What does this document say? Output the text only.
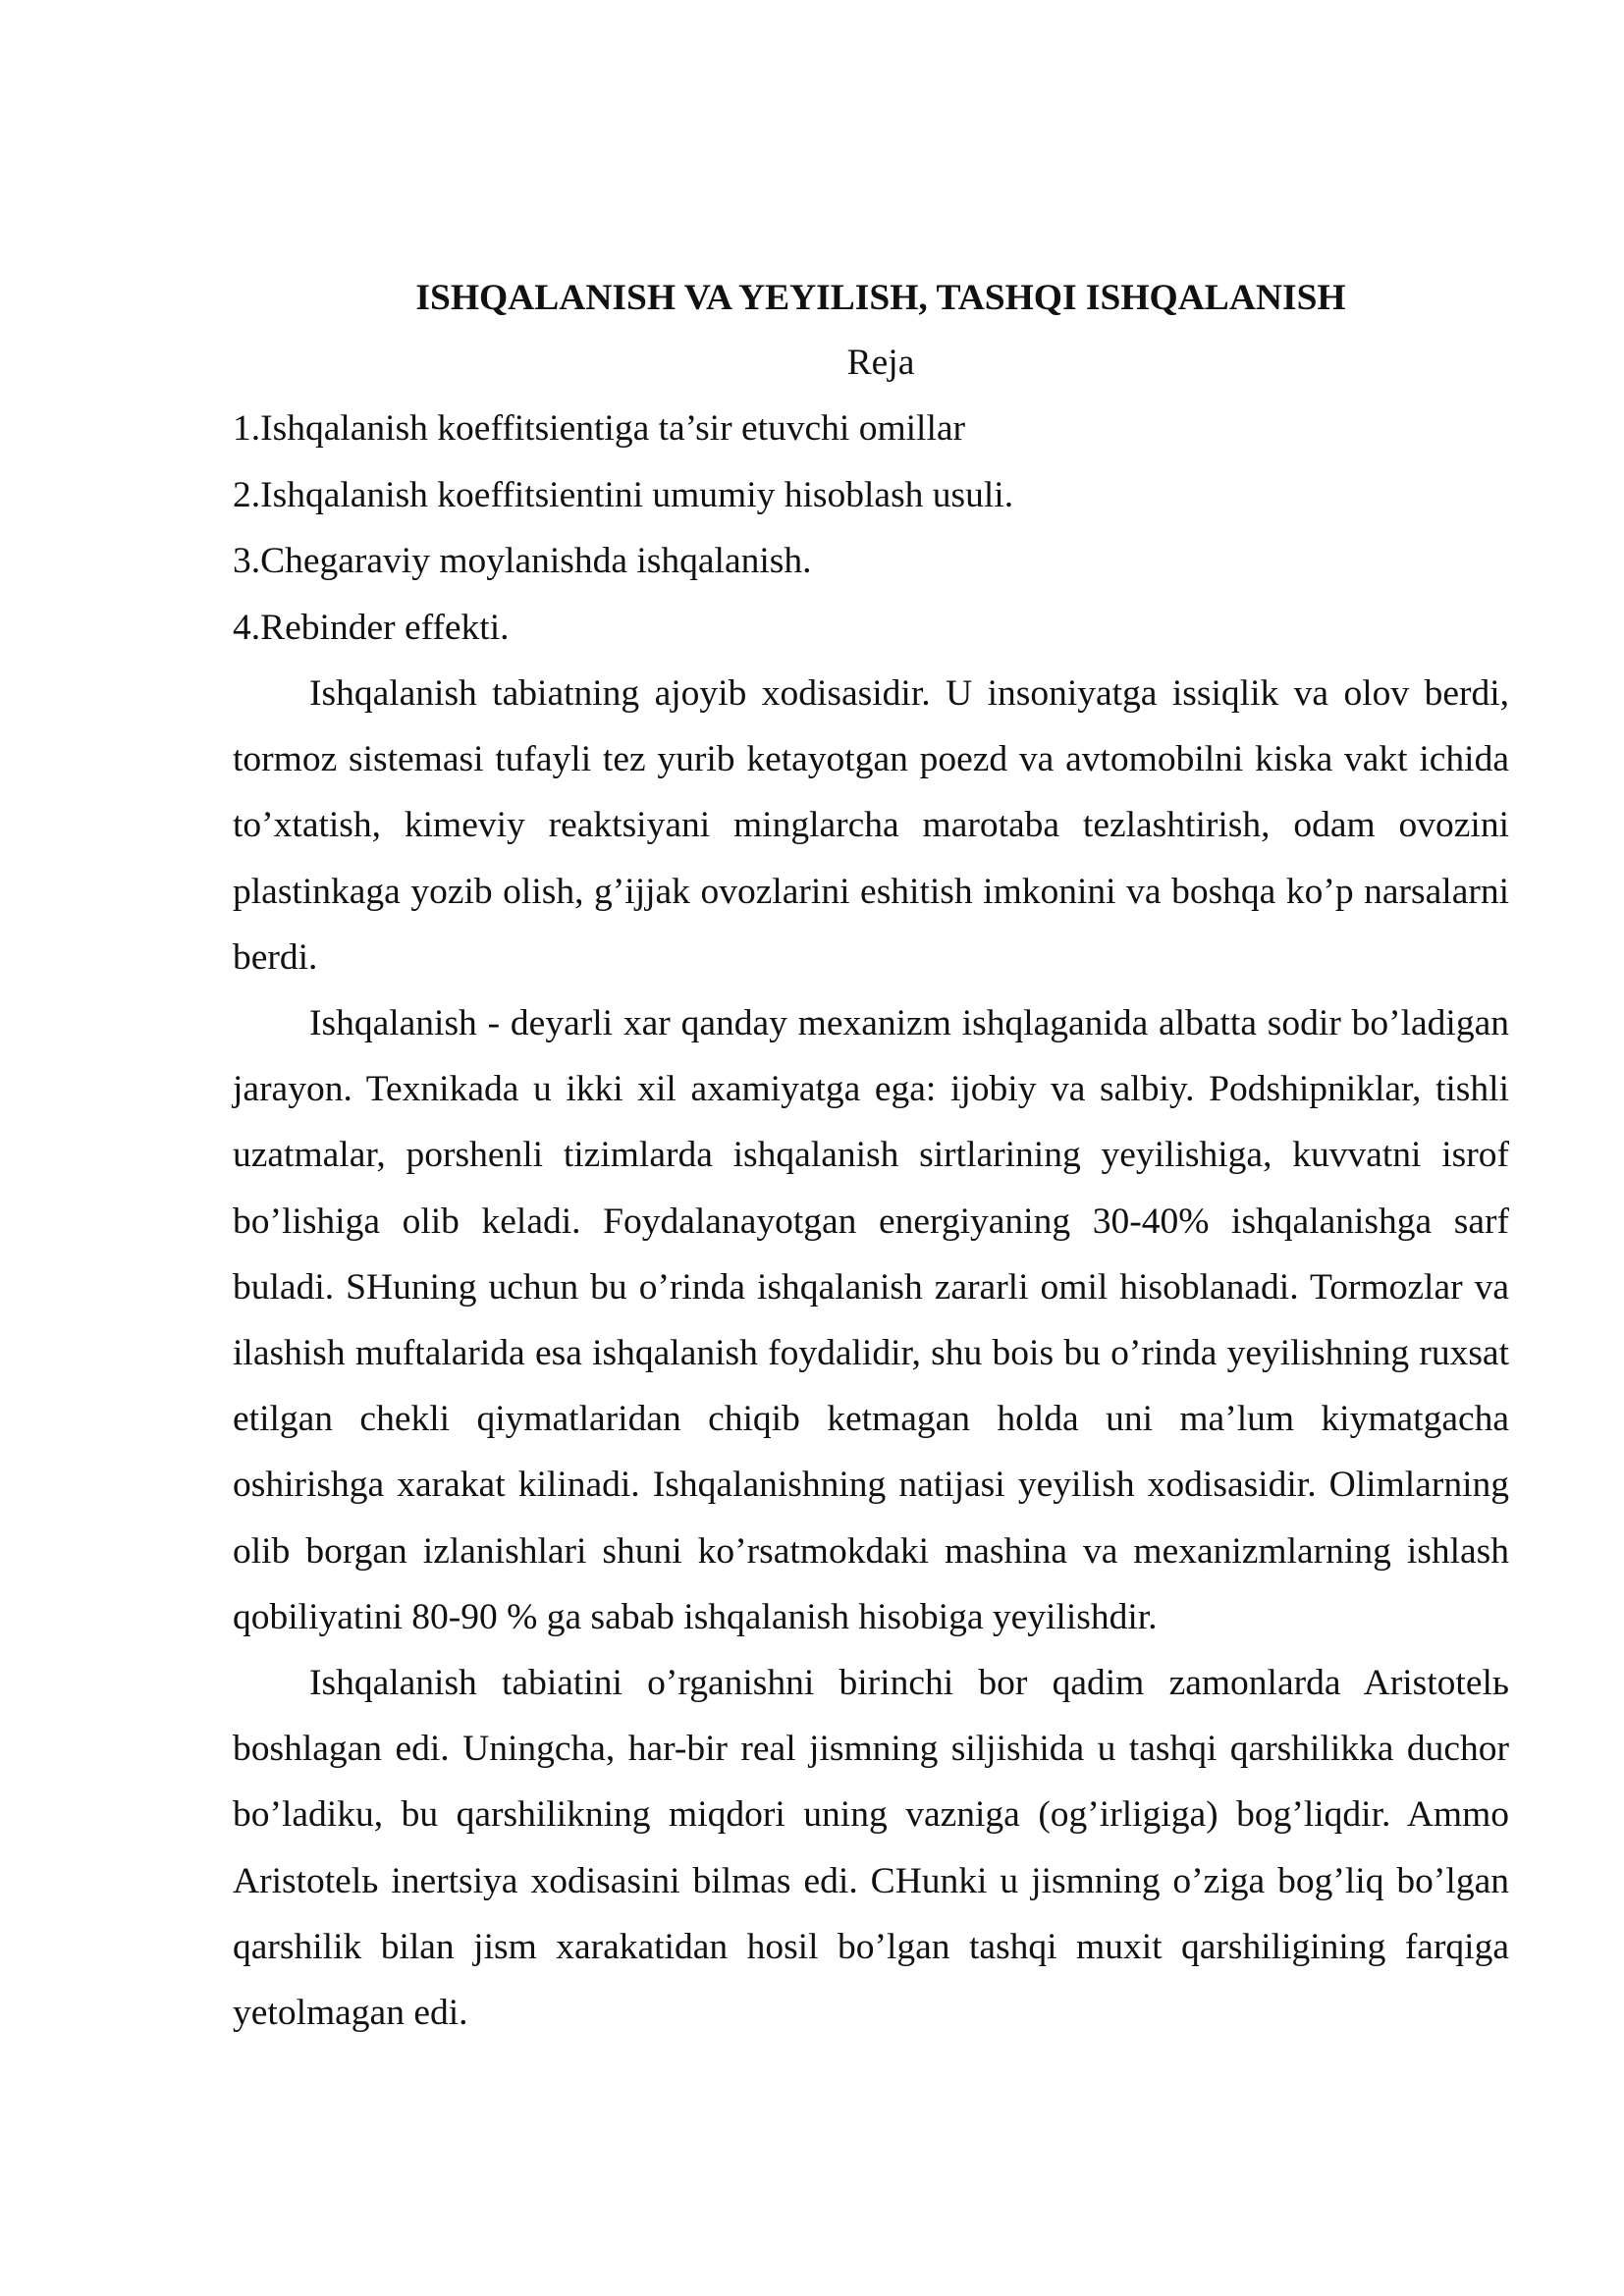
ISHQALANISH VA YEYILISH, TASHQI ISHQALANISH

Reja

1.Ishqalanish koeffitsientiga ta’sir etuvchi omillar
2.Ishqalanish koeffitsientini umumiy hisoblash usuli.
3.Chegaraviy moylanishda ishqalanish.
4.Rebinder effekti.

Ishqalanish tabiatning ajoyib xodisasidir. U insoniyatga issiqlik va olov berdi, tormoz sistemasi tufayli tez yurib ketayotgan poezd va avtomobilni kiska vakt ichida to’xtatish, kimeviy reaktsiyani minglarcha marotaba tezlashtirish, odam ovozini plastinkaga yozib olish, g’ijjak ovozlarini eshitish imkonini va boshqa ko’p narsalarni berdi.

Ishqalanish - deyarli xar qanday mexanizm ishqlaganida albatta sodir bo’ladigan jarayon. Texnikada u ikki xil axamiyatga ega: ijobiy va salbiy. Podshipniklar, tishli uzatmalar, porshenli tizimlarda ishqalanish sirtlarining yeyilishiga, kuvvatni isrof bo’lishiga olib keladi. Foydalanayotgan energiyaning 30-40% ishqalanishga sarf buladi. SHuning uchun bu o’rinda ishqalanish zararli omil hisoblanadi. Tormozlar va ilashish muftalarida esa ishqalanish foydalidir, shu bois bu o’rinda yeyilishning ruxsat etilgan chekli qiymatlaridan chiqib ketmagan holda uni ma’lum kiymatgacha oshirishga xarakat kilinadi. Ishqalanishning natijasi yeyilish xodisasidir. Olimlarning olib borgan izlanishlari shuni ko’rsatmokdaki mashina va mexanizmlarning ishlash qobiliyatini 80-90 % ga sabab ishqalanish hisobiga yeyilishdir.

Ishqalanish tabiatini o’rganishni birinchi bor qadim zamonlarda Aristotelь boshlagan edi. Uningcha, har-bir real jismning siljishida u tashqi qarshilikka duchor bo’ladiku, bu qarshilikning miqdori uning vazniga (og’irligiga) bog’liqdir. Ammo Aristotelь inertsiya xodisasini bilmas edi. CHunki u jismning o’ziga bog’liq bo’lgan qarshilik bilan jism xarakatidan hosil bo’lgan tashqi muxit qarshiligining farqiga yetolmagan edi.
